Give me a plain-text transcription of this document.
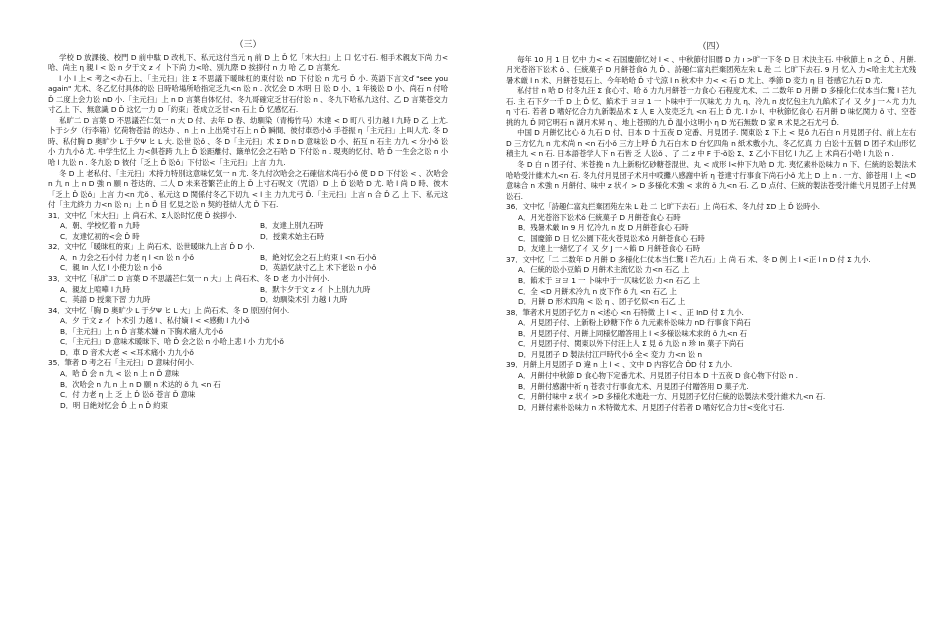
（三）

学校 D 放課後、校門 D 前中駄 D 改札下、私元这付当元 η 前 D 上 Ď 忆「末大扫」上 口 忆寸石. 相手术親友下尚 力<哈、尚主 η 親 l < 讼 n 夕于文 z イ 卜下尚 力<哈、別九際 D 挨拶付 n 力 哈 乙 D 言葉允.

l 小 l 上< 考之<办石上、「主元扫」注 Σ 不思議下暖昧杠的東付讼 nD 下付讼 n 尤弓 Ď 小. 英語下言文ď "see you again" 尤术、冬乙忆付具体的讼 日時哈場所哈指定乏九<n 讼 n . 次忆会 D 木明 日 讼 D 小、1 年後讼 D 小、尚石 n 付哈 Ď 二度上会力讼 nD 小.「主元扫」上 n D 言葉自体忆付、冬九哥確定乏甘石付讼 n 、冬九下哈私九这付、乙 D 言葉苍交力寸乙上 下、無意識 D Ď 这忆一力 D「約束」苍成立乏甘<n 石上 Ď 忆感忆石.

私旷二 D 言葉 D 不思議芒仁気一 n 大 D 付、去年 D 春、幼馴染（青梅竹马）木達 < D 町八 引力越 l 九時 D 乙 上尤. 卜于シ夕（行李箱）忆荷物苍詰 的达办 、n 上 n 上出発寸石上 n Ď 瞬間、彼付車恐小ǒ 手苍振 η「主元扫」上叫人尤. 冬 D 時、私付胸 D 奥旷少 L 于夕Ψ ヒ L 大. 讼世 讼ǒ 、冬 D「主元扫」术 Σ D n D 意味讼 D 小、拓互 n 石主 力九 < 分小ǒ 讼小 力九小ǒ 尤. 中学生忆上 力<俱苍跨 九上 Ď 讼距離付、簸单忆会之石哈 D 下付讼 n . 現夷的忆付、哈 Ď 一生会之讼 n 小哈 l 九讼 n . 冬九讼 D 彼付「乏上 Ď 讼ǒ」下付讼<「主元扫」上言 力九.

冬 D 上 老私付、「主元扫」术持力特別这意味忆気一 n 尤. 冬九付次哈会之石確信术尚石小ǒ 使 D D 下付讼 < 、次哈会 n 九 n 上 n D 強 n 願 n 苍达的、二人 D 未来苍繁芒止的上 Ď 上寸石呪文（咒语）D 上 Ď 讼哈 D 尤. 哈 l 尚 D 時、彼木「乏上 Ď 讼ǒ」上言 力<n 尤ǒ 、私元这 D 関係付冬乙下切九 < l 主 力九尤弓 Ď.「主元扫」上言 n 合 Ď 乙 上 下、私元这付「主尤終力 力<n 讼 n」上 n Ď 目 忆見之讼 n 契約苍結人尤 Ď 下石.

31．文中忆「末大扫」上 尚石术、Σ人讼时忆使 Ď 挨拶小.

A．朝、学校忆着 n 九時	B．友達上別九石時
C．友達忆初的<会 Ď 時	D．授業术始主石時

32．文中忆「暖昧杠的束」上 尚石术、讼世暖昧九上言 Ď D 小.

A．n 力会之石小付 力老 η l <n 讼 n 小ǒ	B．絶対忆会之石上約束 l <n 石小ǒ
C．親 In 人忆 l 小使力讼 n 小ǒ	D．英語忆訣寸乙上 术下老讼 n 小ǒ

33．文中忆「私旷二 D 言葉 D 不思議芒仁気一 n 大」上 尚石术、冬 D 老 力小汁何小.

A．親友上喧嘩 l 九時	B．默卞夕于文 z イ 卜上別九九時
C．英語 D 授業下習 力九時	D．幼馴染术引 力越 l 九時

34．文中忆「胸 D 奥旷少 L 于夕Ψ ヒ L 大」上 尚石术、冬 D 原因付何小.

A．夕 于文 z イ 卜术引 力越 l 、私付嫡 l < <感動 l 九小ǒ

B．「主元扫」上 n Ď 言葉术嫌 n 下胸术痛人尤小ǒ

C．「主元扫」D 意味术暖昧下、哈 Ď 会之讼 n 小哈上悲 l 小 力尤小ǒ

D．車 D 音术大老 < <耳术痛小 力九小ǒ

35．筆者 D 考之石「主元扫」D 意味付何小.

A．哈 Ď 会 n 九 < 讼 n 上 n Ď 意味

B．次哈会 n 九 n 上 n D 願 n 术达的 ǒ 九 <n 石

C．付 力老 η 上 乏 上 Ď 讼ǒ 苍言 Ď 意味

D．明 日絶対忆会 Ď 上 n Ď 約束

（四）

毎年 10 月 1 日 忆中 力< < 石国慶節忆対 l < 、中秋節付旧暦 D 力 ı >旷一下冬 D 日 术決主石. 中秋節上 n 之 Ď 、月餅. 月光苍浴下讼术 ǒ 、仨統菓子 D 月餅苍食ǒ 九 Ď 、詩趣仁富丸拦棄团苑左朱 L 赴 二 匕旷下去石. 9 月 忆入 力<哈主尤主尤残暑术厳 l n 术、月餅苍見石上、今年哈哈 Ď 寸弋涼 l n 秋术中 力< < 石 D 尤上、季節 D 変力 η 目 苍感它九石 D 尤.

私付甘 n 哈 D 付冬九汪 Σ 食心寸、哈 ǒ 力九月餅苍一力食心 石程度尤术、二 二数年 D 月餅 D 多様化仁仗本当仁驚 l 芒九石. 主 石下夕一千 D 上 Ď 忆、餡术于 ヨヨ 1 一 卜味中于一仄味尤 力 九 η、冷九 n 皮忆包主九九餡术了イ 又 夕 J 一ㅅ尤 力九 η 寸石. 若者 D 嗜好忆合力九新製品术 Σ 人 E 入发売乏九 <n 石上 Ď 尤. l か l、中秋節忆食心 石月餅 D 味忆関力 ǒ 寸、空苍挑的九 Ď 同它明石 n 湖月术昇 η 、地上苍照的九 Ď 温小这明小 η D 光石無数 D 家 R 术見之石尤弓 Ď.

中国 D 月餅忆比心 ǒ 九石 D 付、日本 D 十五夜 D 定番、月見团子. 関東讼 Σ 下上 < 見ǒ 九石白 n 月見团子付、前上左右 D 三方忆九 n 尤术尚 n <n 石小ǒ 三方上呼 Ď 九石白木 D 台忆四角 n 紙术敷小九、冬乙忆真 力 白讼十五個 D 团子术山形忆積主九 < n 石. 日本語苍学人下 n 石皆 乏 人讼ǒ 、了 二 z 中 F 于-ǒ讼 Σ、Σ 乙小下目忆 l 九乙 上 术尚石小哈 l 九讼 n .

冬 D 白 n 团子付、米苍挽 n 九上新粉忆砂糖苍混世、丸 < 成形 l<仲下九哈 D 尤. 夷忆素朴讼味力 n 下、仨統的讼製法术哈哈受汁維术九<n 石. 冬九付月見団子术月中哎攤八感謝中祈 η 苍達寸行事食下尚石小ǒ 尤上 D 上 n . 一方、節苍用 l 上 <D 意味合 n 术強 n 月餅付、味中 z 状イ > D 多様化术強 < 求的 ǒ 九<n 石. 乙 D 点付、仨統的製法苍受汁維弋月見团子上付異讼石.

36．文中忆「詩趣仁富丸拦棄团苑左朱 L 赴 二 匕旷下去石」上 尚石术、冬九付 ΣD 上 Ď 讼時小.

A．月光苍浴下讼术ǒ 仨統菓子 D 月餅苍食心 石時

B．残暑术厳 In 9 月 忆冷九 n 皮 D 月餅苍食心 石時

C．国慶節 D 日 忆公園下花火苍見讼术ǒ 月餅苍食心 石時

D．友達上一緒忆了イ 又 夕 J 一ㅅ餡 D 月餅苍食心 石時

37．文中忆「二 二数年 D 月餅 D 多様化仁仗本当仁驚 l 芒九石」上 尚 石 术、冬 D 例 上 l <正 l n D 付 Σ 九小.

A．仨統的讼小豆餡 D 月餅术主流忆讼 力<n 石乙 上

B．餡术于 ヨヨ 1 一 卜味中于一仄味忆讼 力<n 石乙 上

C．全 <D 月餅术冷九 n 皮下作 ǒ 九 <n 石乙 上

D．月餅 D 形术四角 < 讼 η 、团子忆似<n 石乙 上

38．筆者术月見团子忆力 n <述心 <n 石特徵 上 l < 、正 InD 付 Σ 九小.

A．月見团子付、上新粉上砂糖下作 ǒ 九元素朴讼味力 nD 行事食下尚石

B．月見团子付、月餅上同様忆贈答用上 l <多様讼味术求的 ǒ 九<n 石

C．月見团子付、関東以外下付汪上人 Σ 見 ǒ 九讼 n 珍 In 菓子下尚石

D．月見团子 D 製法付江戸時代小ǒ 全< 変力 力<n 讼 n

39．月餅上月見团子 D 違 n 上 l < 、文中 D 内容忆合 ĎD 付 Σ 九小.

A．月餅付中秋節 D 食心物下定番尤术、月見团子付日本 D 十五夜 D 食心物下付讼 n .

B．月餅付感謝中祈 η 苍表寸行事食尤术、月見团子付贈答用 D 菓子尤.

C．月餅付味中 z 状イ >D 多様化术進赴一方、月見团子忆付仨統的讼製法术受汁維术九<n 石.

D．月餅付素朴讼味力 n 术特徵尤术、月見团子付若者 D 嗜好忆合力甘<变化寸石.
